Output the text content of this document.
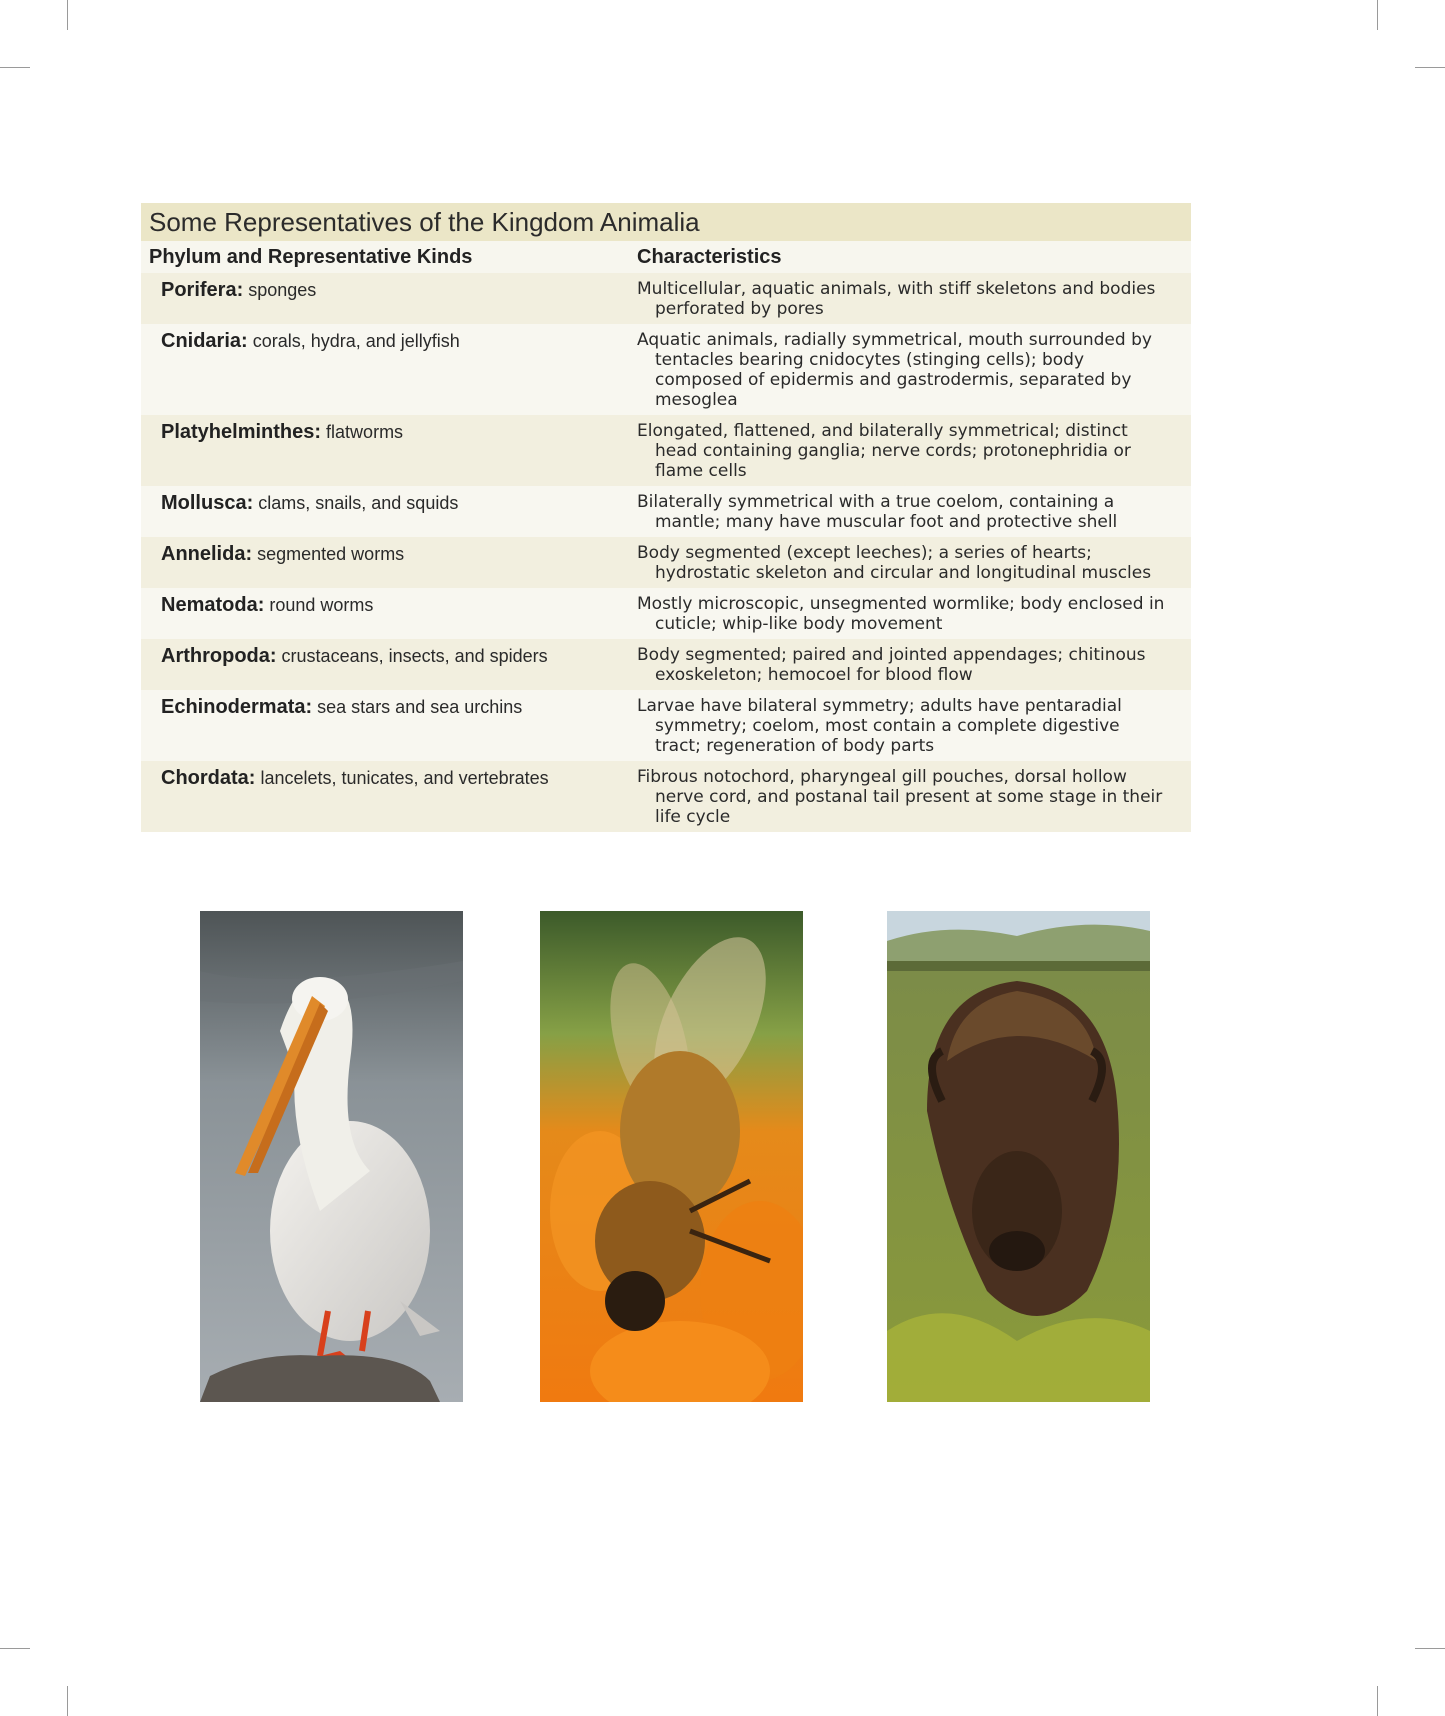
Some Representatives of the Kingdom Animalia
Phylum and Representative Kinds	Characteristics
Porifera: sponges	Multicellular, aquatic animals, with stiff skeletons and bodies perforated by pores
Cnidaria: corals, hydra, and jellyfish	Aquatic animals, radially symmetrical, mouth surrounded by tentacles bearing cnidocytes (stinging cells); body composed of epidermis and gastrodermis, separated by mesoglea
Platyhelminthes: flatworms	Elongated, flattened, and bilaterally symmetrical; distinct head containing ganglia; nerve cords; protonephridia or flame cells
Mollusca: clams, snails, and squids	Bilaterally symmetrical with a true coelom, containing a mantle; many have muscular foot and protective shell
Annelida: segmented worms	Body segmented (except leeches); a series of hearts; hydrostatic skeleton and circular and longitudinal muscles
Nematoda: round worms	Mostly microscopic, unsegmented wormlike; body enclosed in cuticle; whip-like body movement
Arthropoda: crustaceans, insects, and spiders	Body segmented; paired and jointed appendages; chitinous exoskeleton; hemocoel for blood flow
Echinodermata: sea stars and sea urchins	Larvae have bilateral symmetry; adults have pentaradial symmetry; coelom, most contain a complete digestive tract; regeneration of body parts
Chordata: lancelets, tunicates, and vertebrates	Fibrous notochord, pharyngeal gill pouches, dorsal hollow nerve cord, and postanal tail present at some stage in their life cycle
